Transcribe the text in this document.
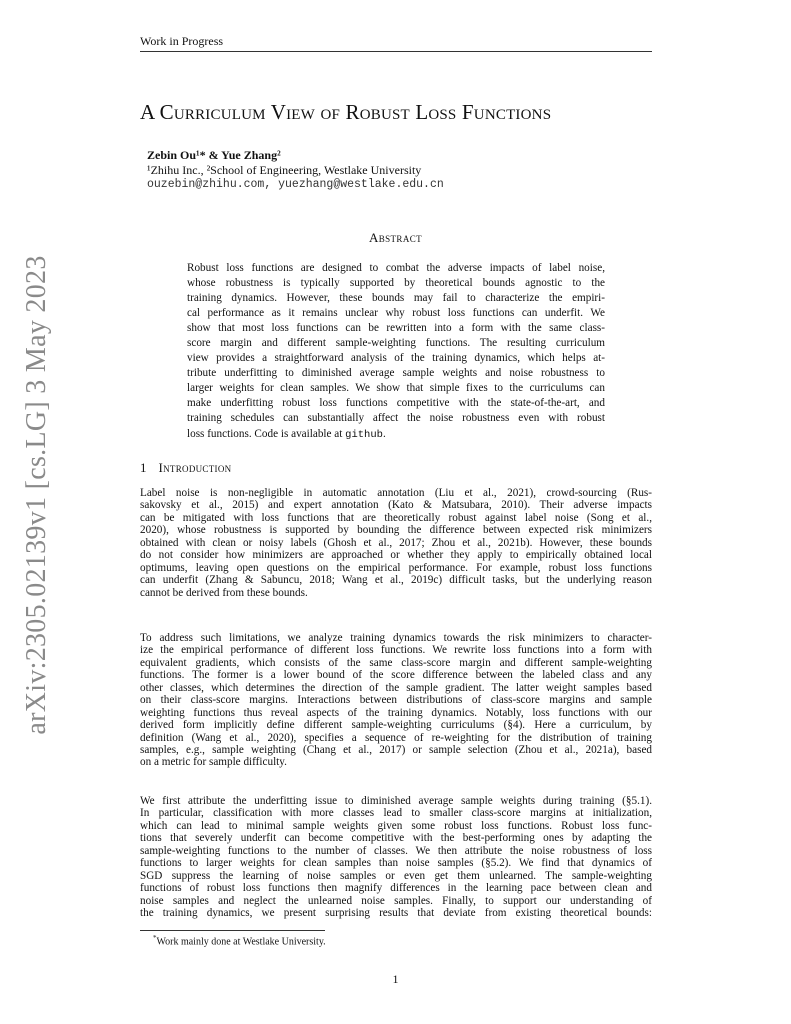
Work in Progress
arXiv:2305.02139v1 [cs.LG] 3 May 2023
A Curriculum View of Robust Loss Functions
Zebin Ou¹* & Yue Zhang²
¹Zhihu Inc., ²School of Engineering, Westlake University
ouzebin@zhihu.com, yuezhang@westlake.edu.cn
Abstract
Robust loss functions are designed to combat the adverse impacts of label noise,
whose robustness is typically supported by theoretical bounds agnostic to the
training dynamics. However, these bounds may fail to characterize the empiri-
cal performance as it remains unclear why robust loss functions can underfit. We
show that most loss functions can be rewritten into a form with the same class-
score margin and different sample-weighting functions. The resulting curriculum
view provides a straightforward analysis of the training dynamics, which helps at-
tribute underfitting to diminished average sample weights and noise robustness to
larger weights for clean samples. We show that simple fixes to the curriculums can
make underfitting robust loss functions competitive with the state-of-the-art, and
training schedules can substantially affect the noise robustness even with robust
loss functions. Code is available at github.
1 Introduction
Label noise is non-negligible in automatic annotation (Liu et al., 2021), crowd-sourcing (Rus-
sakovsky et al., 2015) and expert annotation (Kato & Matsubara, 2010). Their adverse impacts
can be mitigated with loss functions that are theoretically robust against label noise (Song et al.,
2020), whose robustness is supported by bounding the difference between expected risk minimizers
obtained with clean or noisy labels (Ghosh et al., 2017; Zhou et al., 2021b). However, these bounds
do not consider how minimizers are approached or whether they apply to empirically obtained local
optimums, leaving open questions on the empirical performance. For example, robust loss functions
can underfit (Zhang & Sabuncu, 2018; Wang et al., 2019c) difficult tasks, but the underlying reason
cannot be derived from these bounds.
To address such limitations, we analyze training dynamics towards the risk minimizers to character-
ize the empirical performance of different loss functions. We rewrite loss functions into a form with
equivalent gradients, which consists of the same class-score margin and different sample-weighting
functions. The former is a lower bound of the score difference between the labeled class and any
other classes, which determines the direction of the sample gradient. The latter weight samples based
on their class-score margins. Interactions between distributions of class-score margins and sample
weighting functions thus reveal aspects of the training dynamics. Notably, loss functions with our
derived form implicitly define different sample-weighting curriculums (§4). Here a curriculum, by
definition (Wang et al., 2020), specifies a sequence of re-weighting for the distribution of training
samples, e.g., sample weighting (Chang et al., 2017) or sample selection (Zhou et al., 2021a), based
on a metric for sample difficulty.
We first attribute the underfitting issue to diminished average sample weights during training (§5.1).
In particular, classification with more classes lead to smaller class-score margins at initialization,
which can lead to minimal sample weights given some robust loss functions. Robust loss func-
tions that severely underfit can become competitive with the best-performing ones by adapting the
sample-weighting functions to the number of classes. We then attribute the noise robustness of loss
functions to larger weights for clean samples than noise samples (§5.2). We find that dynamics of
SGD suppress the learning of noise samples or even get them unlearned. The sample-weighting
functions of robust loss functions then magnify differences in the learning pace between clean and
noise samples and neglect the unlearned noise samples. Finally, to support our understanding of
the training dynamics, we present surprising results that deviate from existing theoretical bounds:
*Work mainly done at Westlake University.
1
